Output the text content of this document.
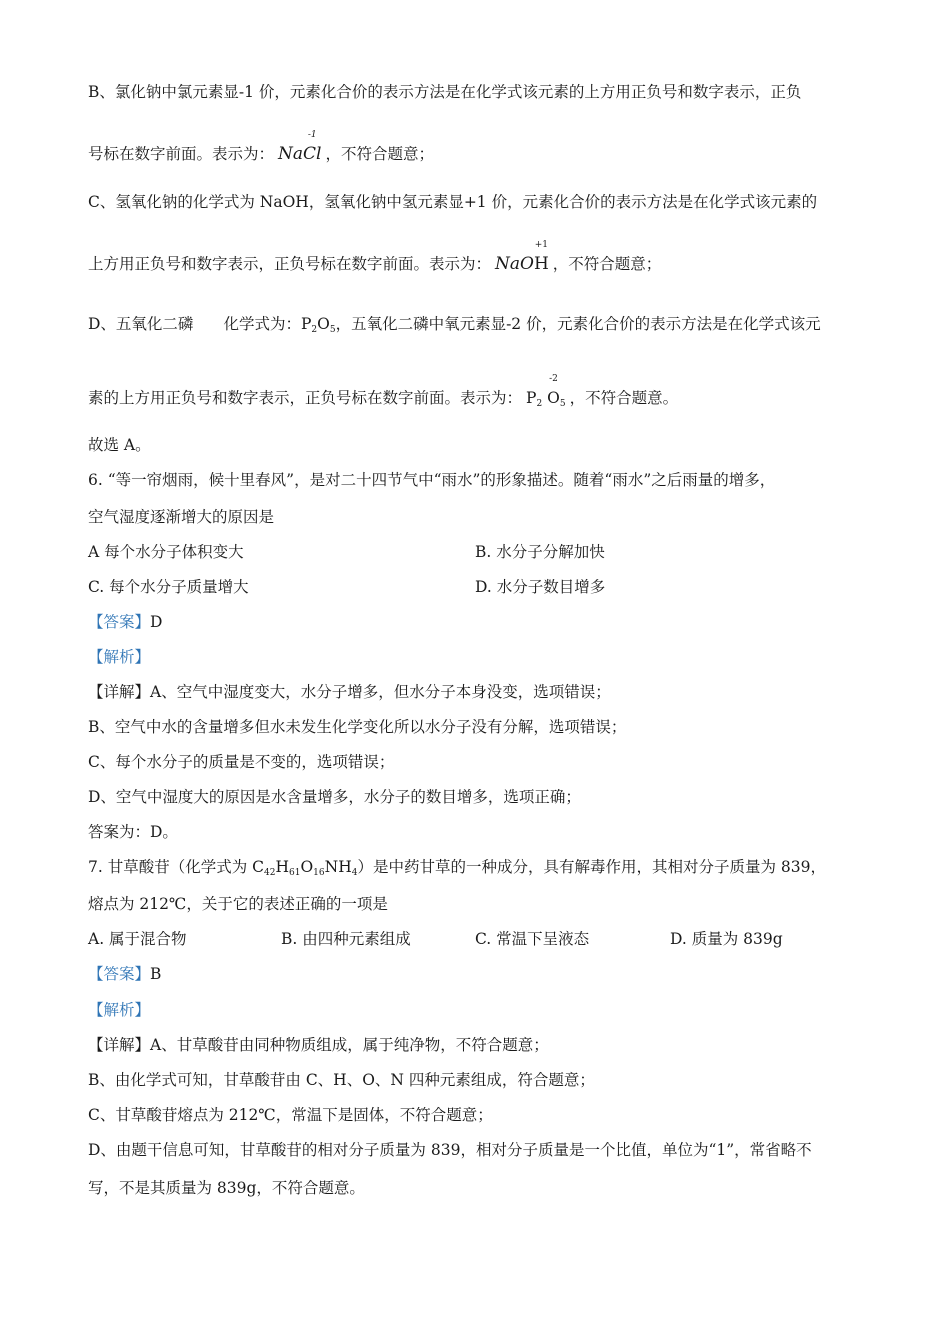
B、氯化钠中氯元素显-1 价，元素化合价的表示方法是在化学式该元素的上方用正负号和数字表示，正负
号标在数字前面。表示为： Na
-1
Cl ，不符合题意；
C、氢氧化钠的化学式为 NaOH，氢氧化钠中氢元素显+1 价，元素化合价的表示方法是在化学式该元素的
上方用正负号和数字表示，正负号标在数字前面。表示为： NaO
+1
H ，不符合题意；
D、五氧化二磷 化学式为：$P_2O_5$，五氧化二磷中氧元素显-2 价，元素化合价的表示方法是在化学式该元
素的上方用正负号和数字表示，正负号标在数字前面。表示为： $P_2$
-2
$O_5$ ，不符合题意。
故选 A。
6. “等一帘烟雨，候十里春风”，是对二十四节气中“雨水”的形象描述。随着“雨水”之后雨量的增多，
空气湿度逐渐增大的原因是
A 每个水分子体积变大	B. 水分子分解加快
C. 每个水分子质量增大	D. 水分子数目增多
【答案】D
【解析】
【详解】A、空气中湿度变大，水分子增多，但水分子本身没变，选项错误；
B、空气中水的含量增多但水未发生化学变化所以水分子没有分解，选项错误；
C、每个水分子的质量是不变的，选项错误；
D、空气中湿度大的原因是水含量增多，水分子的数目增多，选项正确；
答案为：D。
7. 甘草酸苷（化学式为 $C_{42}H_{61}O_{16}NH_4$）是中药甘草的一种成分，具有解毒作用，其相对分子质量为 839，
熔点为 212℃，关于它的表述正确的一项是
A. 属于混合物	B. 由四种元素组成	C. 常温下呈液态	D. 质量为 839g
【答案】B
【解析】
【详解】A、甘草酸苷由同种物质组成，属于纯净物，不符合题意；
B、由化学式可知，甘草酸苷由 C、H、O、N 四种元素组成，符合题意；
C、甘草酸苷熔点为 212℃，常温下是固体，不符合题意；
D、由题干信息可知，甘草酸苷的相对分子质量为 839，相对分子质量是一个比值，单位为“1”，常省略不
写，不是其质量为 839g，不符合题意。
